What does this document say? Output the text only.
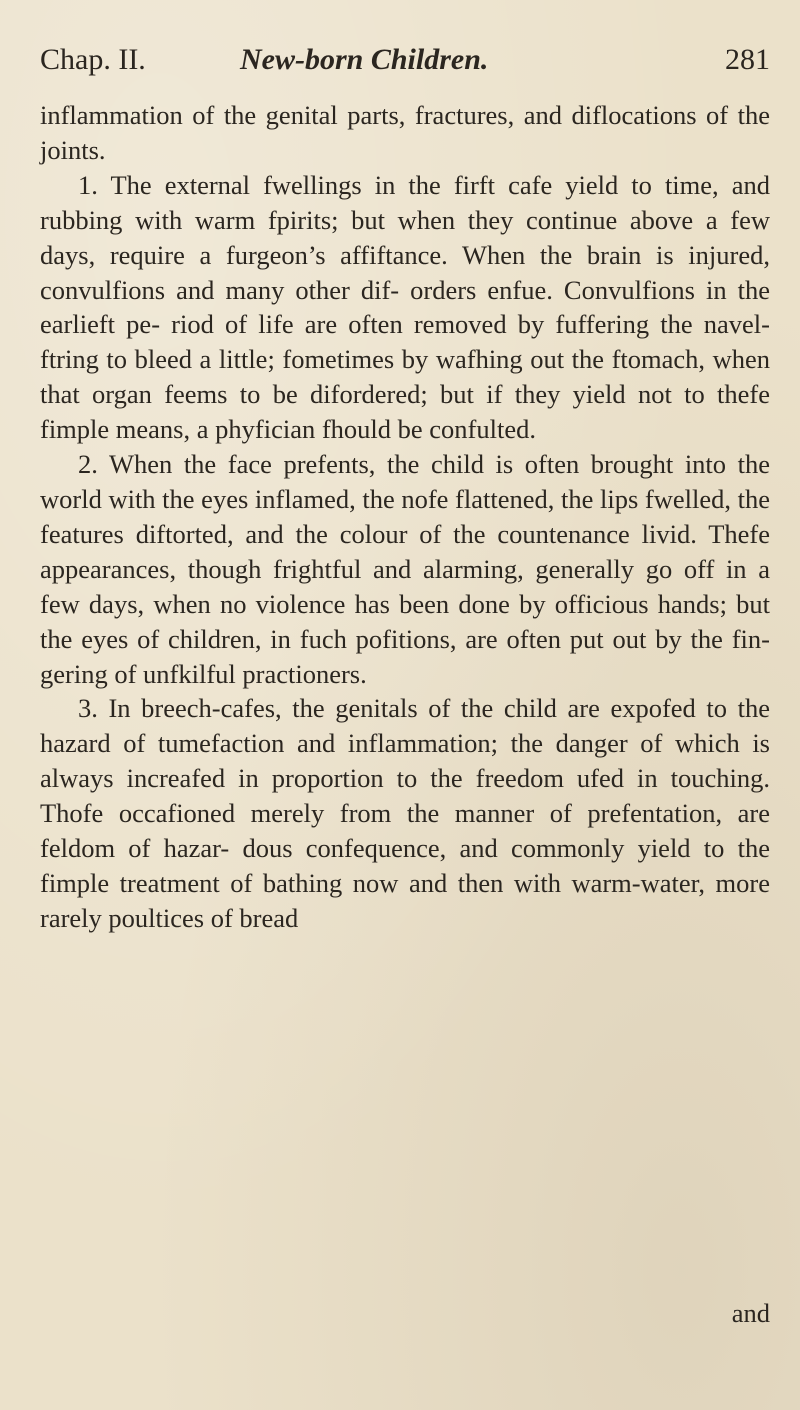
Chap. II.	New-born Children.	281

inflammation of the genital parts, fractures, and diflocations of the joints.

1. The external fwellings in the firft cafe yield to time, and rubbing with warm fpirits; but when they continue above a few days, require a furgeon’s affiftance. When the brain is injured, convulfions and many other dif- orders enfue. Convulfions in the earlieft pe- riod of life are often removed by fuffering the navel-ftring to bleed a little; fometimes by wafhing out the ftomach, when that organ feems to be difordered; but if they yield not to thefe fimple means, a phyfician fhould be confulted.

2. When the face prefents, the child is often brought into the world with the eyes inflamed, the nofe flattened, the lips fwelled, the features diftorted, and the colour of the countenance livid. Thefe appearances, though frightful and alarming, generally go off in a few days, when no violence has been done by officious hands; but the eyes of children, in fuch pofitions, are often put out by the fin- gering of unfkilful practioners.

3. In breech-cafes, the genitals of the child are expofed to the hazard of tumefaction and inflammation; the danger of which is always increafed in proportion to the freedom ufed in touching. Thofe occafioned merely from the manner of prefentation, are feldom of hazar- dous confequence, and commonly yield to the fimple treatment of bathing now and then with warm-water, more rarely poultices of bread

and
